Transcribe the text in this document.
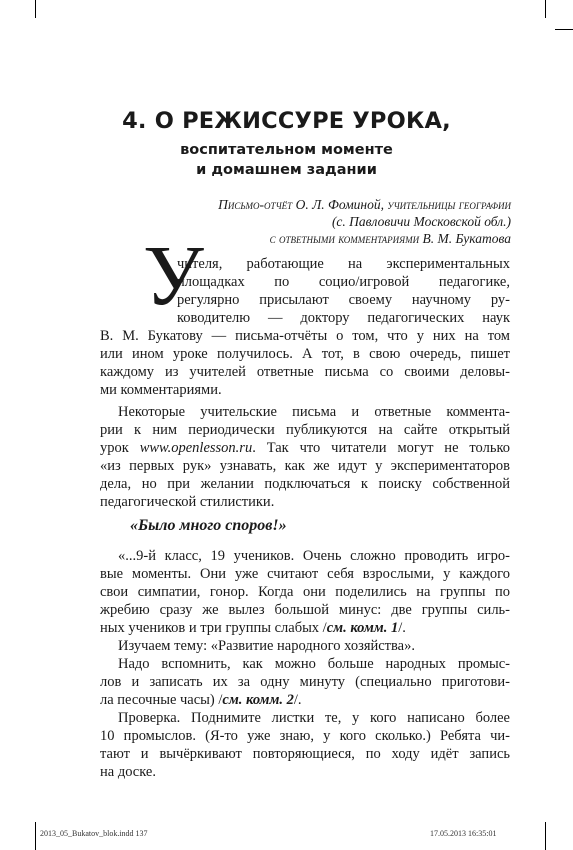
4. О РЕЖИССУРЕ УРОКА,
воспитательном моменте
и домашнем задании
Письмо-отчёт О. Л. Фоминой, учительницы географии
(с. Павловичи Московской обл.)
с ответными комментариями В. М. Букатова
У
чителя, работающие на экспериментальных
площадках по социо/игровой педагогике,
регулярно присылают своему научному ру-
ководителю — доктору педагогических наук
В. М. Букатову — письма-отчёты о том, что у них на том
или ином уроке получилось. А тот, в свою очередь, пишет
каждому из учителей ответные письма со своими деловы-
ми комментариями.
Некоторые учительские письма и ответные коммента-
рии к ним периодически публикуются на сайте открытый
урок www.openlesson.ru. Так что читатели могут не только
«из первых рук» узнавать, как же идут у экспериментаторов
дела, но при желании подключаться к поиску собственной
педагогической стилистики.
«Было много споров!»
«...9-й класс, 19 учеников. Очень сложно проводить игро-
вые моменты. Они уже считают себя взрослыми, у каждого
свои симпатии, гонор. Когда они поделились на группы по
жребию сразу же вылез большой минус: две группы силь-
ных учеников и три группы слабых /см. комм. 1/.
Изучаем тему: «Развитие народного хозяйства».
Надо вспомнить, как можно больше народных промыс-
лов и записать их за одну минуту (специально приготови-
ла песочные часы) /см. комм. 2/.
Проверка. Поднимите листки те, у кого написано более
10 промыслов. (Я-то уже знаю, у кого сколько.) Ребята чи-
тают и вычёркивают повторяющиеся, по ходу идёт запись
на доске.
2013_05_Bukatov_blok.indd 137	17.05.2013 16:35:01
